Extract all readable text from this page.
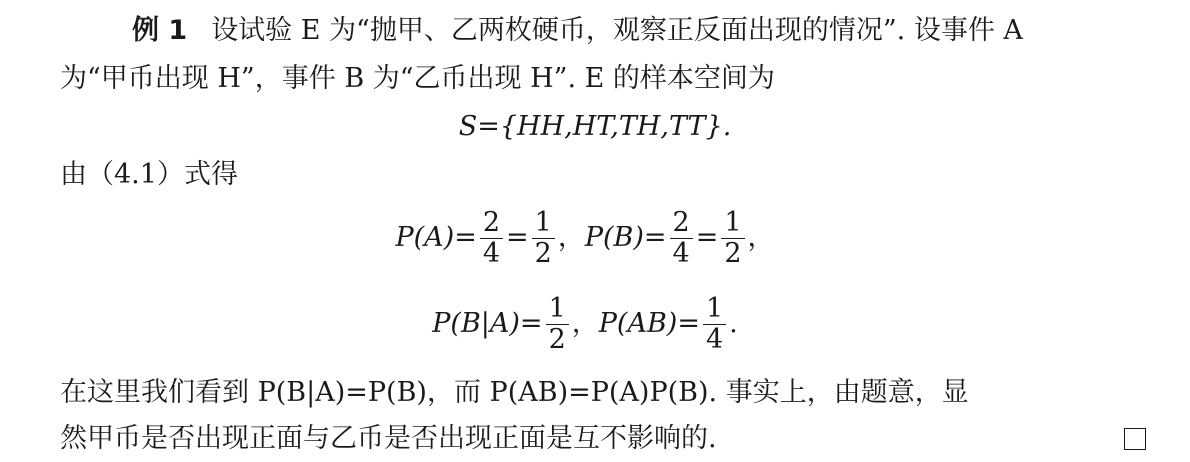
例 1 设试验 E 为“抛甲、乙两枚硬币，观察正反面出现的情况”. 设事件 A
为“甲币出现 H”，事件 B 为“乙币出现 H”. E 的样本空间为
S={HH,HT,TH,TT}.
由（4.1）式得
$P(A)= \frac{2}{4} = \frac{1}{2}$ ，$P(B)= \frac{2}{4} = \frac{1}{2}$ ，
$P(B|A)= \frac{1}{2}$ ，$P(AB)= \frac{1}{4}$ .
在这里我们看到 P(B|A)=P(B)，而 P(AB)=P(A)P(B). 事实上，由题意，显
然甲币是否出现正面与乙币是否出现正面是互不影响的.
